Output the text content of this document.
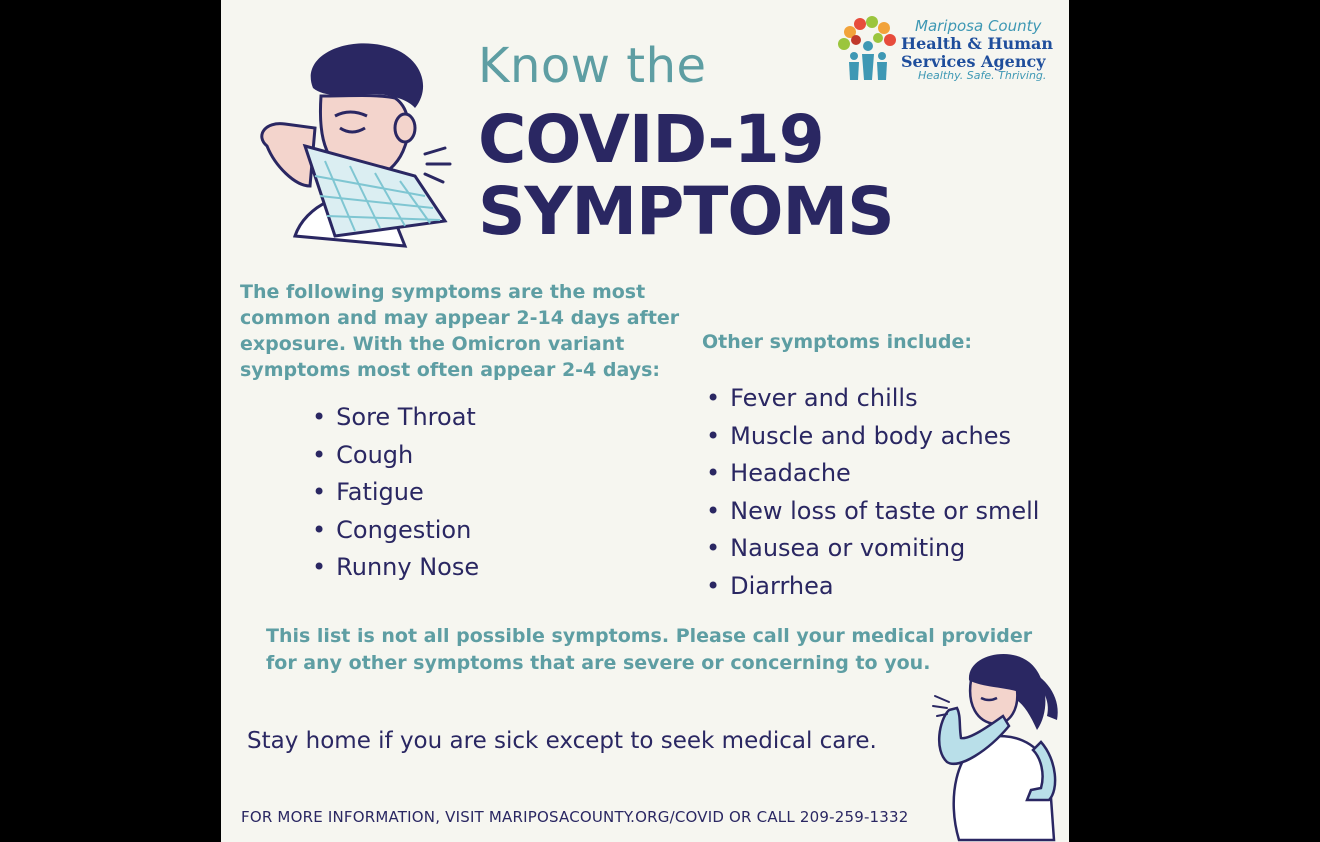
Know the
COVID-19
SYMPTOMS
Mariposa County
Health & Human
Services Agency
Healthy. Safe. Thriving.
The following symptoms are the most common and may appear 2-14 days after exposure. With the Omicron variant symptoms most often appear 2-4 days:
• Sore Throat
• Cough
• Fatigue
• Congestion
• Runny Nose
Other symptoms include:
• Fever and chills
• Muscle and body aches
• Headache
• New loss of taste or smell
• Nausea or vomiting
• Diarrhea
This list is not all possible symptoms. Please call your medical provider for any other symptoms that are severe or concerning to you.
Stay home if you are sick except to seek medical care.
FOR MORE INFORMATION, VISIT MARIPOSACOUNTY.ORG/COVID OR CALL 209-259-1332
